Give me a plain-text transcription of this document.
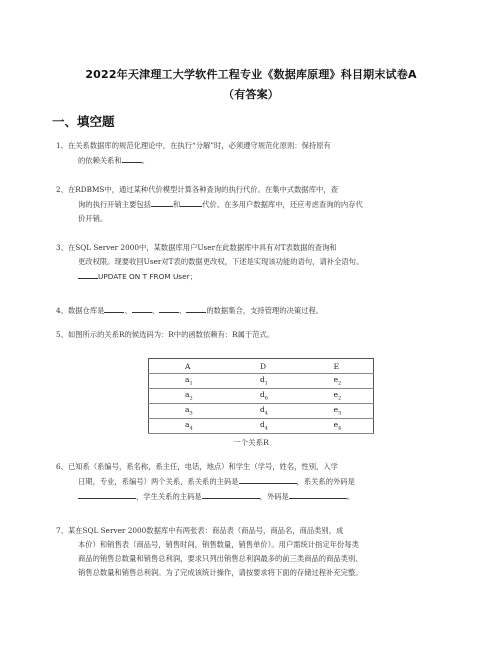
2022年天津理工大学软件工程专业《数据库原理》科目期末试卷A
（有答案）
一、填空题
1、在关系数据库的规范化理论中，在执行“分解”时，必须遵守规范化原则：保持原有
的依赖关系和	。
2、在RDBMS中，通过某种代价模型计算各种查询的执行代价。在集中式数据库中，查
询的执行开销主要包括	和	代价。在多用户数据库中，还应考虑查询的内存代
价开销。
3、在SQL Server 2000中，某数据库用户User在此数据库中具有对T表数据的查询和
更改权限。现要收回User对T表的数据更改权，下述是实现该功能的语句，请补全语句。
UPDATE ON T FROM User；
4、数据仓库是	、	、	、	的数据集合，支持管理的决策过程。
5、如图所示的关系R的候选码为：R中的函数依赖有：R属于范式。
A	D	E
$a_1$	$d_1$	$e_2$
$a_2$	$d_6$	$e_2$
$a_3$	$d_4$	$e_3$
$a_4$	$d_4$	$e_4$
一个关系R
6、已知系（系编号，系名称，系主任，电话，地点）和学生（学号，姓名，性别，入学
日期，专业，系编号）两个关系，系关系的主码是	，系关系的外码是
，学生关系的主码是	，外码是	。
7、某在SQL Server 2000数据库中有两张表：商品表（商品号，商品名，商品类别，成
本价）和销售表（商品号，销售时间，销售数量，销售单价）。用户需统计指定年份每类
商品的销售总数量和销售总利润，要求只列出销售总利润最多的前三类商品的商品类别、
销售总数量和销售总利润。为了完成该统计操作，请按要求将下面的存储过程补充完整。
